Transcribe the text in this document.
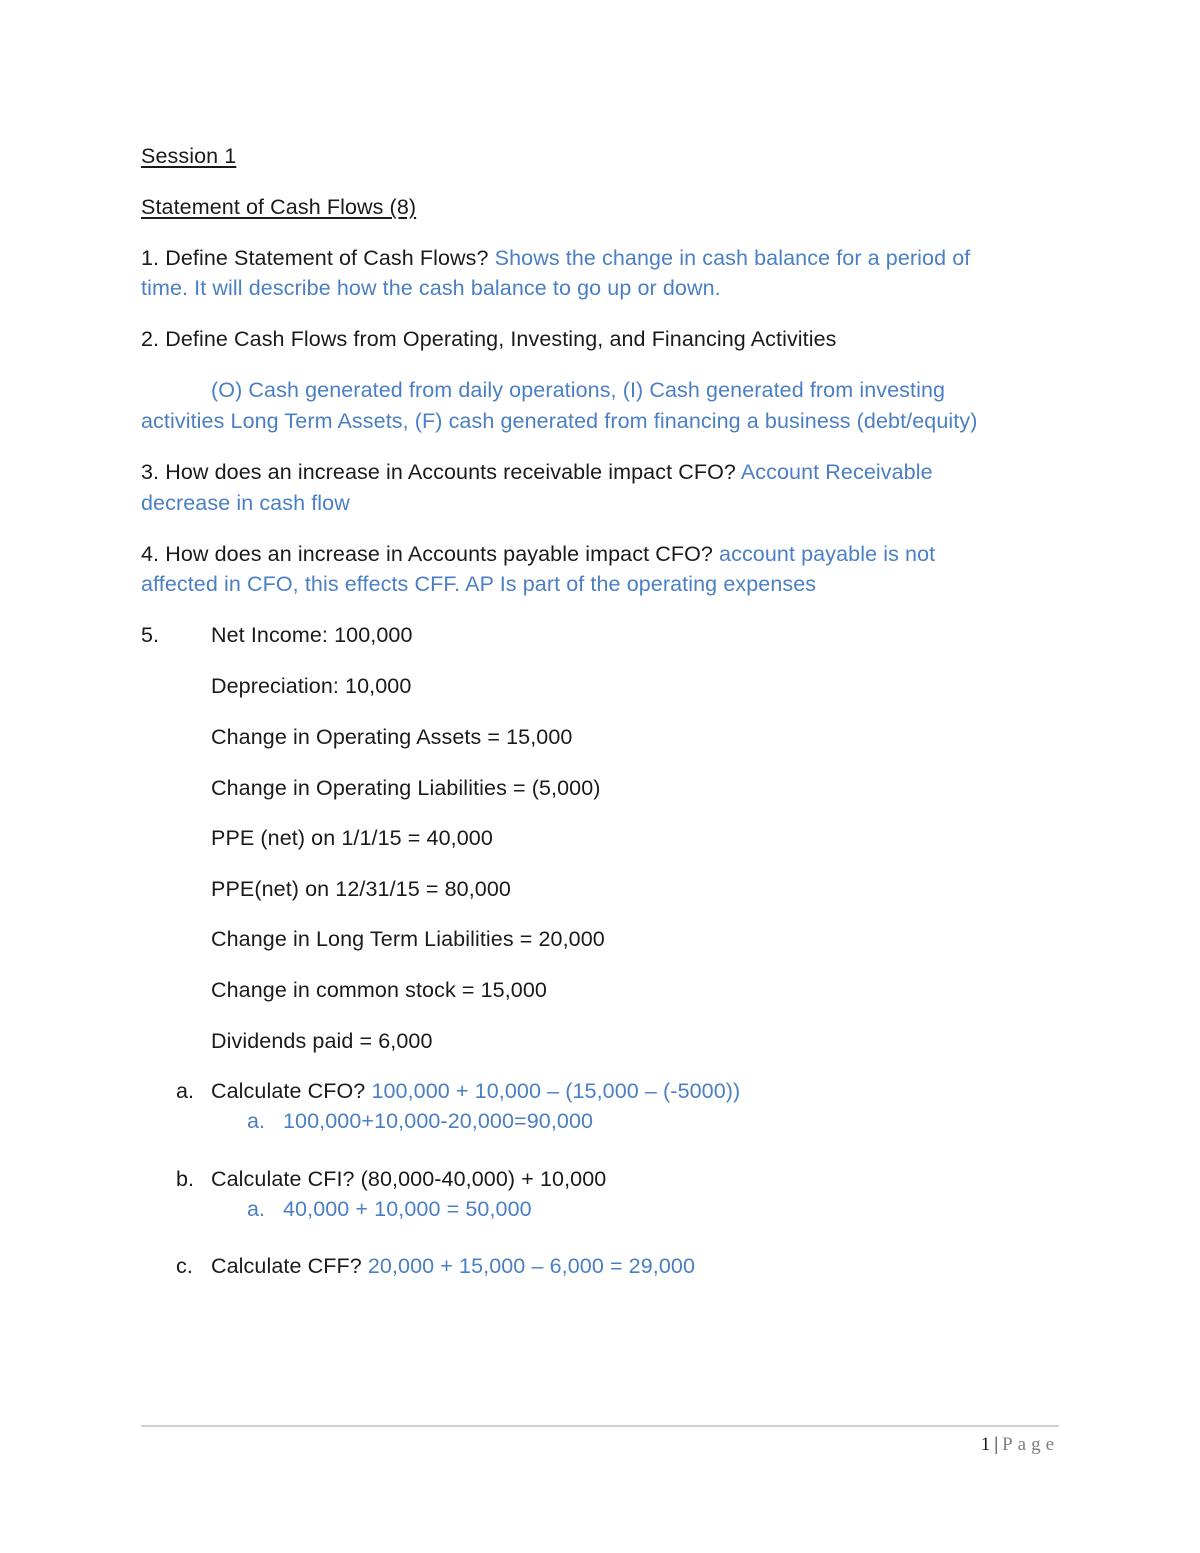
Session 1
Statement of Cash Flows (8)
1. Define Statement of Cash Flows? Shows the change in cash balance for a period of
time. It will describe how the cash balance to go up or down.
2. Define Cash Flows from Operating, Investing, and Financing Activities
(O) Cash generated from daily operations, (I) Cash generated from investing
activities Long Term Assets, (F) cash generated from financing a business (debt/equity)
3. How does an increase in Accounts receivable impact CFO? Account Receivable
decrease in cash flow
4. How does an increase in Accounts payable impact CFO? account payable is not
affected in CFO, this effects CFF. AP Is part of the operating expenses
5. Net Income: 100,000
Depreciation: 10,000
Change in Operating Assets = 15,000
Change in Operating Liabilities = (5,000)
PPE (net) on 1/1/15 = 40,000
PPE(net) on 12/31/15 = 80,000
Change in Long Term Liabilities = 20,000
Change in common stock = 15,000
Dividends paid = 6,000
a. Calculate CFO? 100,000 + 10,000 – (15,000 – (-5000))
a. 100,000+10,000-20,000=90,000
b. Calculate CFI? (80,000-40,000) + 10,000
a. 40,000 + 10,000 = 50,000
c. Calculate CFF? 20,000 + 15,000 – 6,000 = 29,000
1 | Page
